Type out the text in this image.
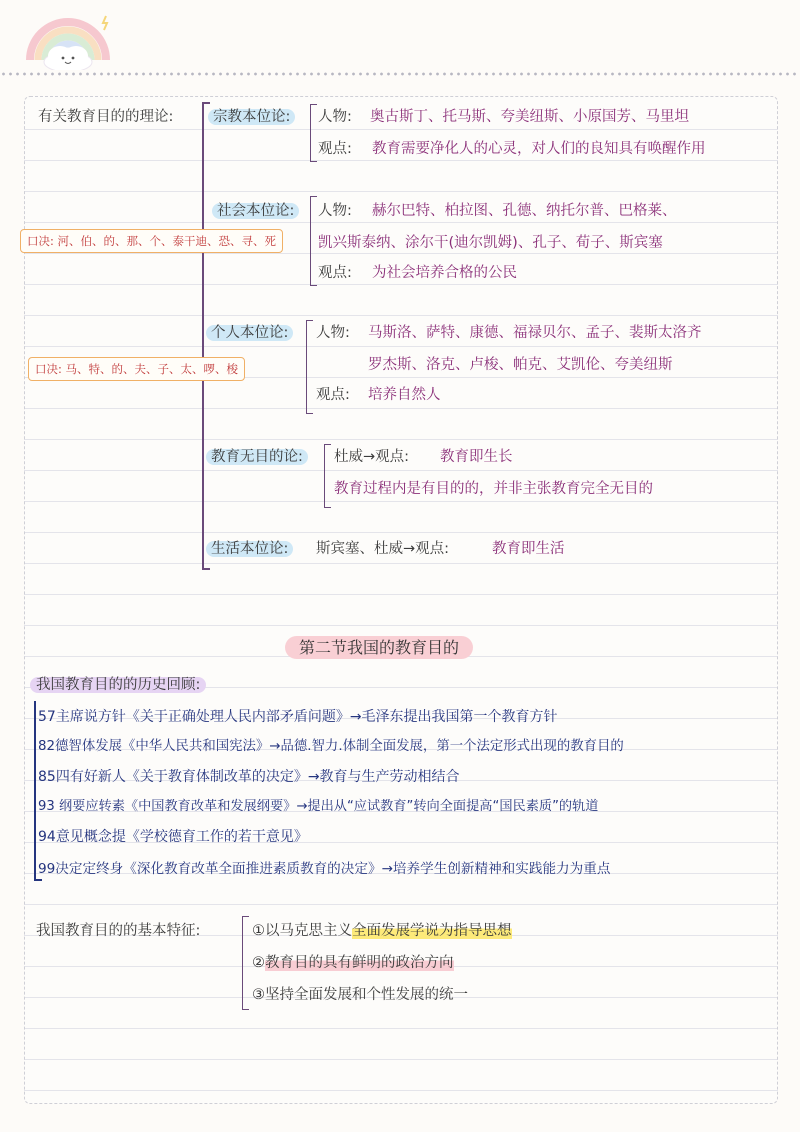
有关教育目的的理论:	宗教本位论:	人物: 奥古斯丁、托马斯、夸美纽斯、小原国芳、马里坦
观点: 教育需要净化人的心灵，对人们的良知具有唤醒作用
社会本位论:	人物: 赫尔巴特、柏拉图、孔德、纳托尔普、巴格莱、
口决: 河、伯、的、那、个、泰干迪、恐、寻、死	凯兴斯泰纳、涂尔干(迪尔凯姆)、孔子、荀子、斯宾塞
观点: 为社会培养合格的公民
个人本位论:	人物: 马斯洛、萨特、康德、福禄贝尔、孟子、裴斯太洛齐
口决: 马、特、的、夫、子、太、啰、梭	罗杰斯、洛克、卢梭、帕克、艾凯伦、夸美纽斯
观点: 培养自然人
教育无目的论:	杜威→观点: 教育即生长
教育过程内是有目的的，并非主张教育完全无目的
生活本位论:	斯宾塞、杜威→观点:	教育即生活
第二节我国的教育目的
我国教育目的的历史回顾:
57主席说方针《关于正确处理人民内部矛盾问题》→毛泽东提出我国第一个教育方针
82德智体发展《中华人民共和国宪法》→品德.智力.体制全面发展，第一个法定形式出现的教育目的
85四有好新人《关于教育体制改革的决定》→教育与生产劳动相结合
93 纲要应转素《中国教育改革和发展纲要》→提出从“应试教育”转向全面提高“国民素质”的轨道
94意见概念提《学校德育工作的若干意见》
99决定定终身《深化教育改革全面推进素质教育的决定》→培养学生创新精神和实践能力为重点
我国教育目的的基本特征:	①以马克思主义全面发展学说为指导思想
②教育目的具有鲜明的政治方向
③坚持全面发展和个性发展的统一
